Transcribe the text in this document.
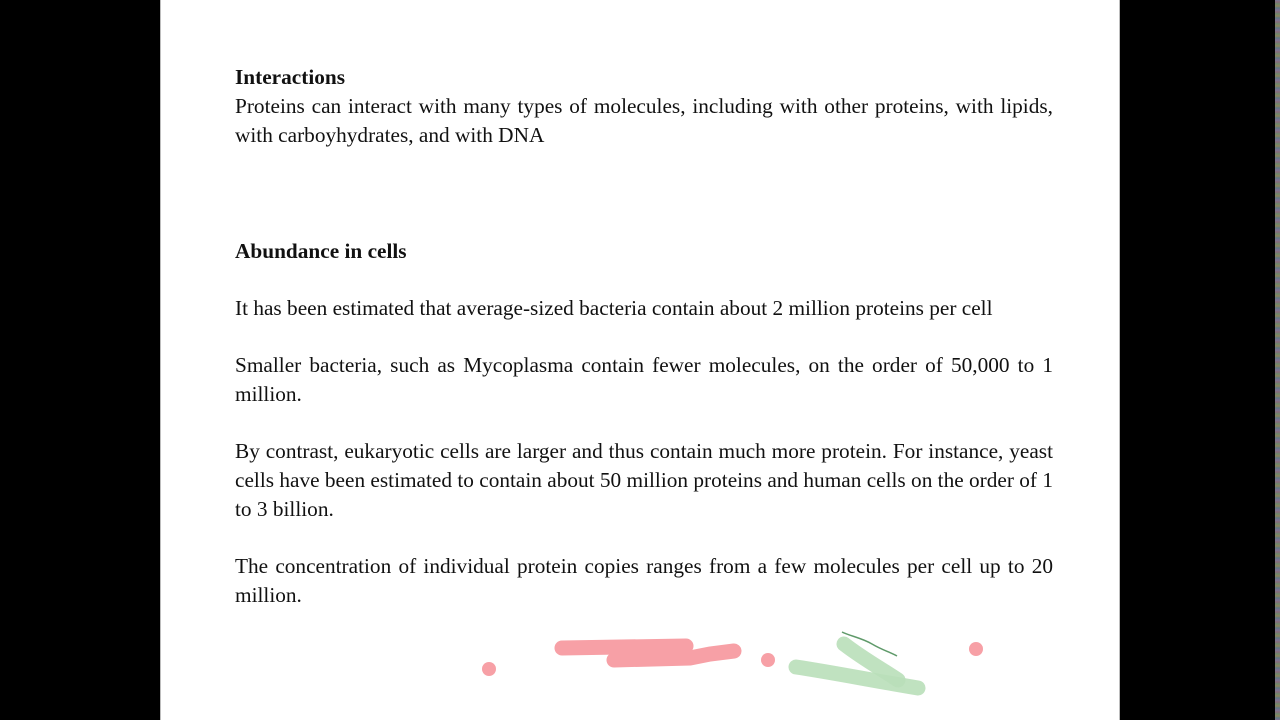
Interactions

Proteins can interact with many types of molecules, including with other proteins, with lipids, with carboyhydrates, and with DNA

Abundance in cells

It has been estimated that average-sized bacteria contain about 2 million proteins per cell

Smaller bacteria, such as Mycoplasma contain fewer molecules, on the order of 50,000 to 1 million.

By contrast, eukaryotic cells are larger and thus contain much more protein. For instance, yeast cells have been estimated to contain about 50 million proteins and human cells on the order of 1 to 3 billion.

The concentration of individual protein copies ranges from a few molecules per cell up to 20 million.
